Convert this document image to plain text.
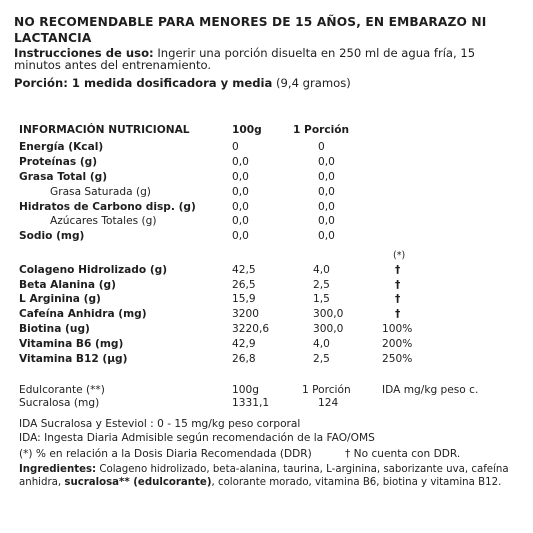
NO RECOMENDABLE PARA MENORES DE 15 AÑOS, EN EMBARAZO NI LACTANCIA
Instrucciones de uso: Ingerir una porción disuelta en 250 ml de agua fría, 15 minutos antes del entrenamiento.
Porción: 1 medida dosificadora y media (9,4 gramos)
INFORMACIÓN NUTRICIONAL	100g	1 Porción
Energía (Kcal)	0	0
Proteínas (g)	0,0	0,0
Grasa Total (g)	0,0	0,0
Grasa Saturada (g)	0,0	0,0
Hidratos de Carbono disp. (g)	0,0	0,0
Azúcares Totales (g)	0,0	0,0
Sodio (mg)	0,0	0,0
(*)
Colageno Hidrolizado (g)	42,5	4,0	†
Beta Alanina (g)	26,5	2,5	†
L Arginina (g)	15,9	1,5	†
Cafeína Anhidra (mg)	3200	300,0	†
Biotina (ug)	3220,6	300,0	100%
Vitamina B6 (mg)	42,9	4,0	200%
Vitamina B12 (µg)	26,8	2,5	250%
Edulcorante (**)	100g	1 Porción	IDA mg/kg peso c.
Sucralosa (mg)	1331,1	124
IDA Sucralosa y Esteviol : 0 - 15 mg/kg peso corporal
IDA: Ingesta Diaria Admisible según recomendación de la FAO/OMS
(*) % en relación a la Dosis Diaria Recomendada (DDR)	† No cuenta con DDR.
Ingredientes: Colageno hidrolizado, beta-alanina, taurina, L-arginina, saborizante uva, cafeína anhidra, sucralosa** (edulcorante), colorante morado, vitamina B6, biotina y vitamina B12.
